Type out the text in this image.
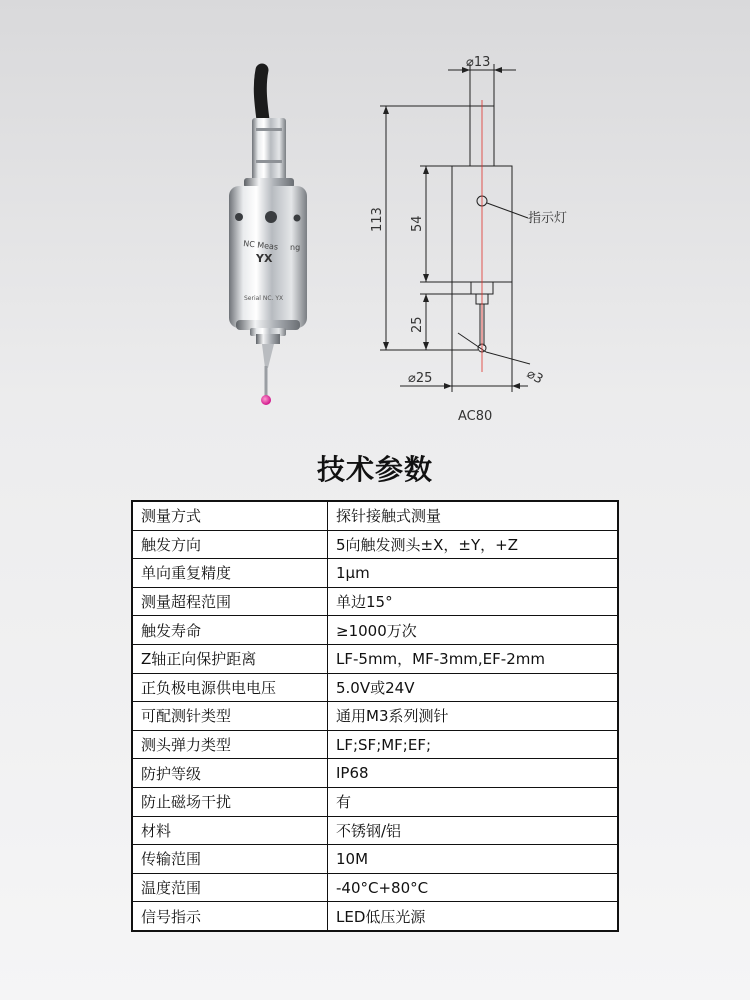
NC Meas ng
YX
Serial NC. YX
⌀13
113 54
25
⌀25	⌀3
指示灯
AC80
技术参数
测量方式	探针接触式测量
触发方向	5向触发测头±X，±Y，+Z
单向重复精度	1μm
测量超程范围	单边15°
触发寿命	≥1000万次
Z轴正向保护距离	LF-5mm，MF-3mm,EF-2mm
正负极电源供电电压	5.0V或24V
可配测针类型	通用M3系列测针
测头弹力类型	LF;SF;MF;EF;
防护等级	IP68
防止磁场干扰	有
材料	不锈钢/铝
传输范围	10M
温度范围	-40°C+80°C
信号指示	LED低压光源
